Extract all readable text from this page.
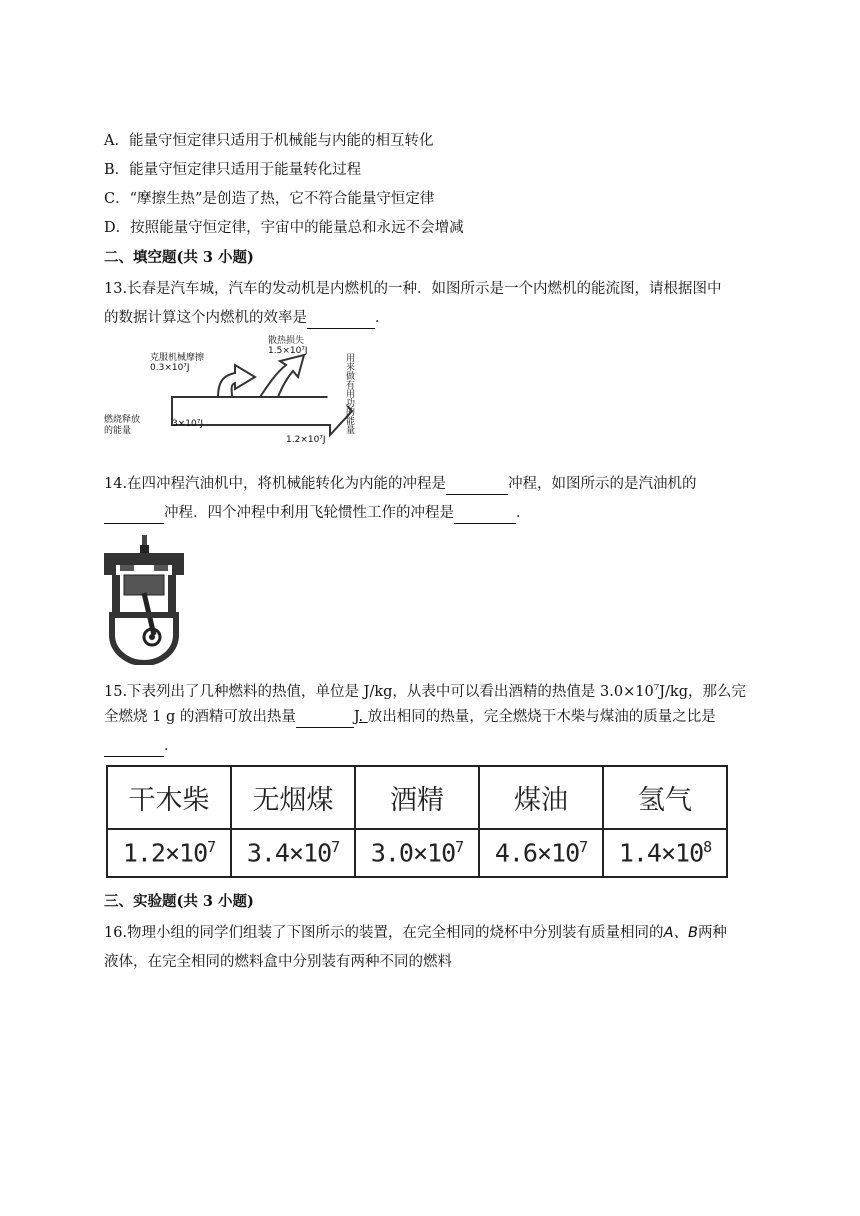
A．能量守恒定律只适用于机械能与内能的相互转化
B．能量守恒定律只适用于能量转化过程
C．“摩擦生热”是创造了热，它不符合能量守恒定律
D．按照能量守恒定律，宇宙中的能量总和永远不会增减
二、填空题(共 3 小题)
13.长春是汽车城，汽车的发动机是内燃机的一种．如图所示是一个内燃机的能流图，请根据图中
的数据计算这个内燃机的效率是	．
克服机械摩擦
0.3×10⁷J
散热损失
1.5×10⁷J
用来做有用功的能量
燃烧释放
的能量
3×10⁷J
1.2×10⁷J
14.在四冲程汽油机中，将机械能转化为内能的冲程是	冲程，如图所示的是汽油机的
冲程．四个冲程中利用飞轮惯性工作的冲程是	．
15.下表列出了几种燃料的热值，单位是 J/kg，从表中可以看出酒精的热值是 $3.0\times 10^7J/kg$，那么完
全燃烧 1 g 的酒精可放出热量	J. 放出相同的热量，完全燃烧干木柴与煤油的质量之比是
．
干木柴	无烟煤	酒精	煤油	氢气
$1.2\times 10^7$	$3.4\times 10^7$	$3.0\times 10^7$	$4.6\times 10^7$	$1.4\times 10^8$
三、实验题(共 3 小题)
16.物理小组的同学们组装了下图所示的装置，在完全相同的烧杯中分别装有质量相同的A、B两种
液体，在完全相同的燃料盒中分别装有两种不同的燃料
